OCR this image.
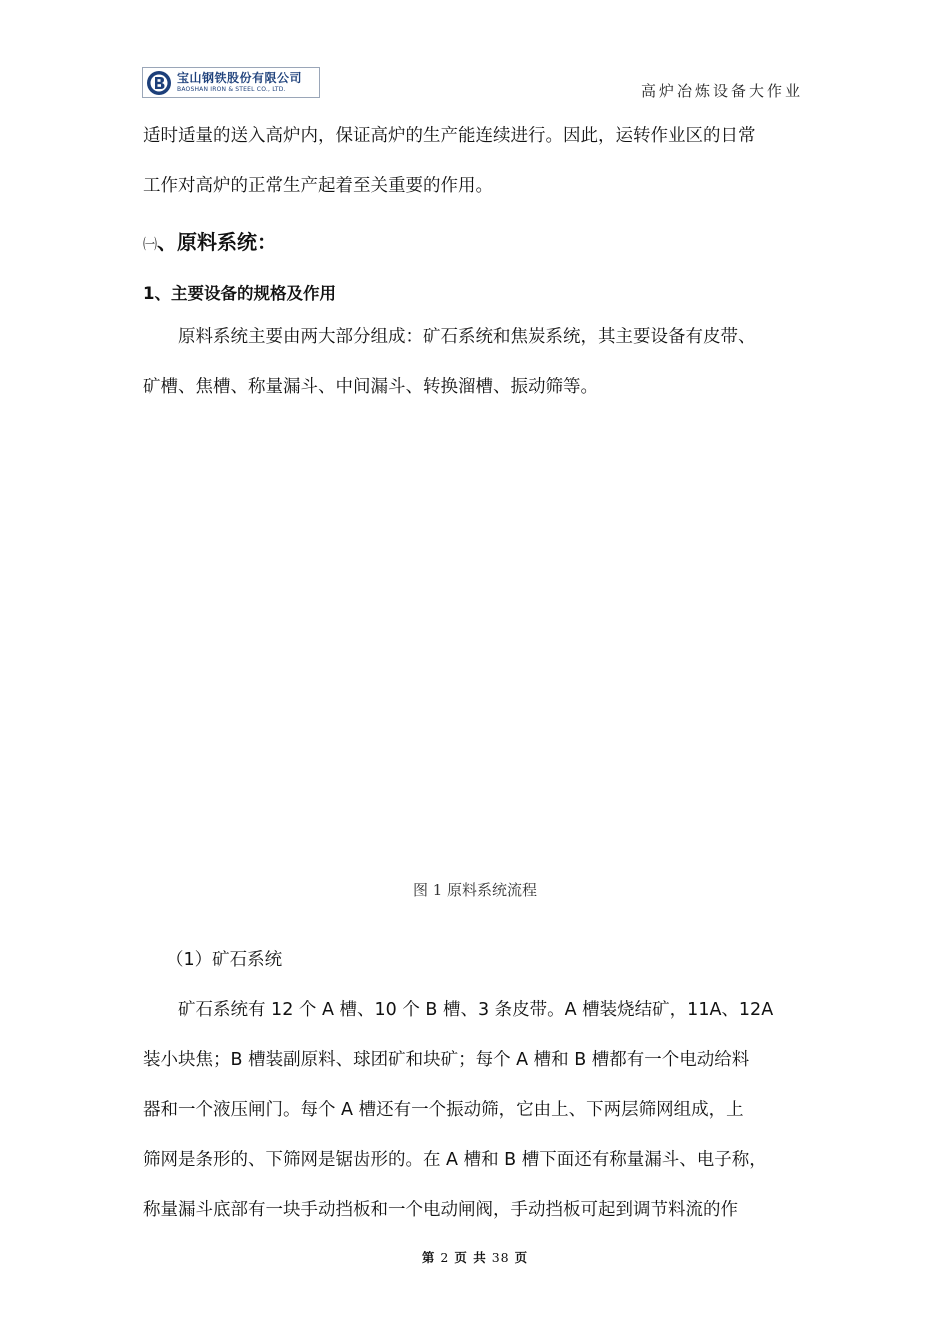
宝山钢铁股份有限公司
BAOSHAN IRON & STEEL CO., LTD.	高炉冶炼设备大作业
适时适量的送入高炉内，保证高炉的生产能连续进行。因此，运转作业区的日常
工作对高炉的正常生产起着至关重要的作用。
㈠、原料系统：
1、主要设备的规格及作用
原料系统主要由两大部分组成：矿石系统和焦炭系统，其主要设备有皮带、
矿槽、焦槽、称量漏斗、中间漏斗、转换溜槽、振动筛等。
图 1 原料系统流程
（1）矿石系统
矿石系统有 12 个 A 槽、10 个 B 槽、3 条皮带。A 槽装烧结矿，11A、12A
装小块焦；B 槽装副原料、球团矿和块矿；每个 A 槽和 B 槽都有一个电动给料
器和一个液压闸门。每个 A 槽还有一个振动筛，它由上、下两层筛网组成，上
筛网是条形的、下筛网是锯齿形的。在 A 槽和 B 槽下面还有称量漏斗、电子称，
称量漏斗底部有一块手动挡板和一个电动闸阀，手动挡板可起到调节料流的作
第 2 页 共 38 页
